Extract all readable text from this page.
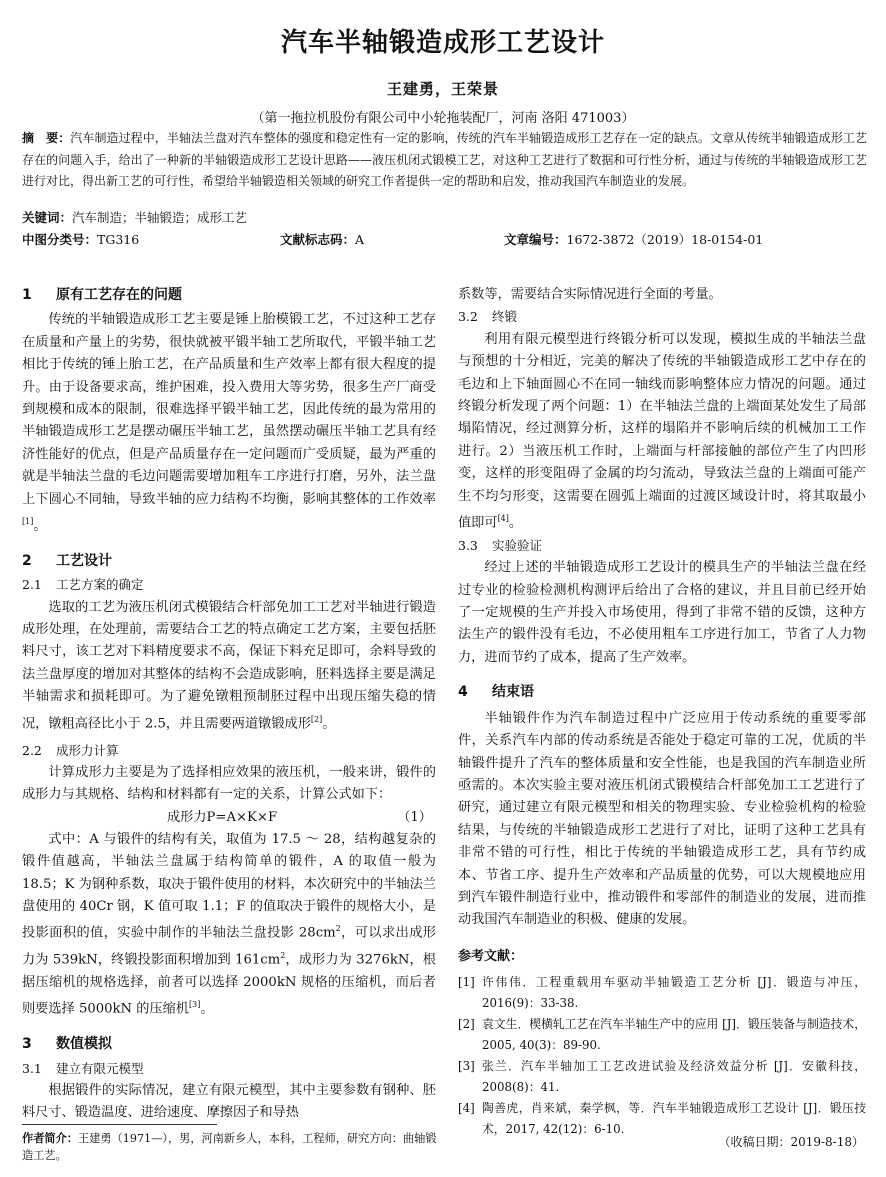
汽车半轴锻造成形工艺设计
王建勇，王荣景
（第一拖拉机股份有限公司中小轮拖装配厂，河南 洛阳 471003）
摘　要：汽车制造过程中，半轴法兰盘对汽车整体的强度和稳定性有一定的影响，传统的汽车半轴锻造成形工艺存在一定的缺点。文章从传统半轴锻造成形工艺存在的问题入手，给出了一种新的半轴锻造成形工艺设计思路——液压机闭式锻模工艺，对这种工艺进行了数据和可行性分析，通过与传统的半轴锻造成形工艺进行对比，得出新工艺的可行性，希望给半轴锻造相关领域的研究工作者提供一定的帮助和启发，推动我国汽车制造业的发展。
关键词：汽车制造；半轴锻造；成形工艺
中图分类号：TG316	文献标志码：A	文章编号：1672-3872（2019）18-0154-01
1 原有工艺存在的问题

传统的半轴锻造成形工艺主要是锤上胎模锻工艺，不过这种工艺存在质量和产量上的劣势，很快就被平锻半轴工艺所取代，平锻半轴工艺相比于传统的锤上胎工艺，在产品质量和生产效率上都有很大程度的提升。由于设备要求高，维护困难，投入费用大等劣势，很多生产厂商受到规模和成本的限制，很难选择平锻半轴工艺，因此传统的最为常用的半轴锻造成形工艺是摆动碾压半轴工艺，虽然摆动碾压半轴工艺具有经济性能好的优点，但是产品质量存在一定问题而广受质疑，最为严重的就是半轴法兰盘的毛边问题需要增加粗车工序进行打磨，另外，法兰盘上下圆心不同轴，导致半轴的应力结构不均衡，影响其整体的工作效率[1]。

2 工艺设计
2.1 工艺方案的确定

选取的工艺为液压机闭式模锻结合杆部免加工工艺对半轴进行锻造成形处理，在处理前，需要结合工艺的特点确定工艺方案，主要包括胚料尺寸，该工艺对下料精度要求不高，保证下料充足即可，余料导致的法兰盘厚度的增加对其整体的结构不会造成影响，胚料选择主要是满足半轴需求和损耗即可。为了避免镦粗预制胚过程中出现压缩失稳的情况，镦粗高径比小于 2.5，并且需要两道镦锻成形[2]。

2.2 成形力计算

计算成形力主要是为了选择相应效果的液压机，一般来讲，锻件的成形力与其规格、结构和材料都有一定的关系，计算公式如下：

成形力P=A×K×F	（1）

式中：A 与锻件的结构有关，取值为 17.5 ～ 28，结构越复杂的锻件值越高，半轴法兰盘属于结构简单的锻件，A 的取值一般为 18.5；K 为钢种系数，取决于锻件使用的材料，本次研究中的半轴法兰盘使用的 40Cr 钢，K 值可取 1.1；F 的值取决于锻件的规格大小，是投影面积的值，实验中制作的半轴法兰盘投影 $28cm^2$，可以求出成形力为 539kN，终锻投影面积增加到 $161cm^2$，成形力为 3276kN，根据压缩机的规格选择，前者可以选择 2000kN 规格的压缩机，而后者则要选择 5000kN 的压缩机[3]。

3 数值模拟
3.1 建立有限元模型

根据锻件的实际情况，建立有限元模型，其中主要参数有钢种、胚料尺寸、锻造温度、进给速度、摩擦因子和导热

系数等，需要结合实际情况进行全面的考量。

3.2 终锻

利用有限元模型进行终锻分析可以发现，模拟生成的半轴法兰盘与预想的十分相近，完美的解决了传统的半轴锻造成形工艺中存在的毛边和上下轴面圆心不在同一轴线而影响整体应力情况的问题。通过终锻分析发现了两个问题：1）在半轴法兰盘的上端面某处发生了局部塌陷情况，经过测算分析，这样的塌陷并不影响后续的机械加工工作进行。2）当液压机工作时，上端面与杆部接触的部位产生了内凹形变，这样的形变阻碍了金属的均匀流动，导致法兰盘的上端面可能产生不均匀形变，这需要在圆弧上端面的过渡区域设计时，将其取最小值即可[4]。

3.3 实验验证

经过上述的半轴锻造成形工艺设计的模具生产的半轴法兰盘在经过专业的检验检测机构测评后给出了合格的建议，并且目前已经开始了一定规模的生产并投入市场使用，得到了非常不错的反馈，这种方法生产的锻件没有毛边，不必使用粗车工序进行加工，节省了人力物力，进而节约了成本，提高了生产效率。

4 结束语

半轴锻件作为汽车制造过程中广泛应用于传动系统的重要零部件，关系汽车内部的传动系统是否能处于稳定可靠的工况，优质的半轴锻件提升了汽车的整体质量和安全性能，也是我国的汽车制造业所亟需的。本次实验主要对液压机闭式锻模结合杆部免加工工艺进行了研究，通过建立有限元模型和相关的物理实验、专业检验机构的检验结果，与传统的半轴锻造成形工艺进行了对比，证明了这种工艺具有非常不错的可行性，相比于传统的半轴锻造成形工艺，具有节约成本、节省工序、提升生产效率和产品质量的优势，可以大规模地应用到汽车锻件制造行业中，推动锻件和零部件的制造业的发展，进而推动我国汽车制造业的积极、健康的发展。

参考文献：
[1] 许伟伟．工程重载用车驱动半轴锻造工艺分析 [J]．锻造与冲压，2016(9)：33-38.
[2] 袁文生．楔横轧工艺在汽车半轴生产中的应用 [J]．锻压装备与制造技术，2005, 40(3)：89-90.
[3] 张兰．汽车半轴加工工艺改进试验及经济效益分析 [J]．安徽科技，2008(8)：41.
[4] 陶善虎，肖来斌，秦学枫，等．汽车半轴锻造成形工艺设计 [J]．锻压技术，2017, 42(12)：6-10.
作者简介：王建勇（1971—），男，河南新乡人，本科，工程师，研究方向：曲轴锻造工艺。
（收稿日期：2019-8-18）
